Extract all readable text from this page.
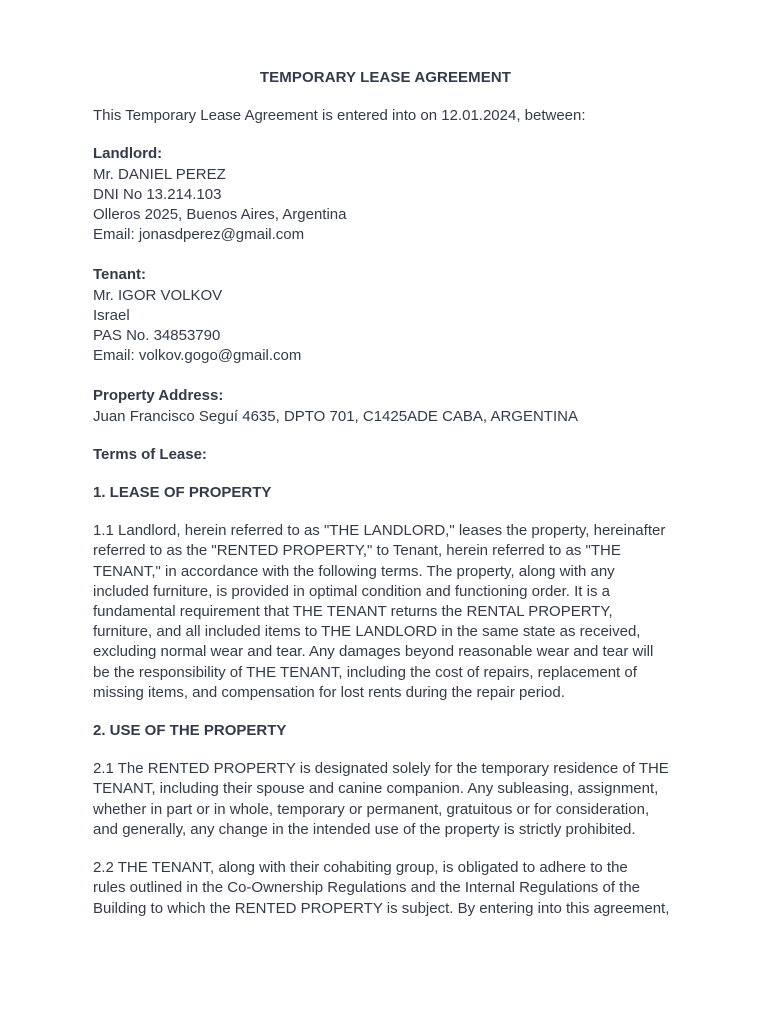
TEMPORARY LEASE AGREEMENT
This Temporary Lease Agreement is entered into on 12.01.2024, between:
Landlord:
Mr. DANIEL PEREZ
DNI No 13.214.103
Olleros 2025, Buenos Aires, Argentina
Email: jonasdperez@gmail.com
Tenant:
Mr. IGOR VOLKOV
Israel
PAS No. 34853790
Email: volkov.gogo@gmail.com
Property Address:
Juan Francisco Seguí 4635, DPTO 701, C1425ADE CABA, ARGENTINA
Terms of Lease:
1. LEASE OF PROPERTY
1.1 Landlord, herein referred to as "THE LANDLORD," leases the property, hereinafter
referred to as the "RENTED PROPERTY," to Tenant, herein referred to as "THE
TENANT," in accordance with the following terms. The property, along with any
included furniture, is provided in optimal condition and functioning order. It is a
fundamental requirement that THE TENANT returns the RENTAL PROPERTY,
furniture, and all included items to THE LANDLORD in the same state as received,
excluding normal wear and tear. Any damages beyond reasonable wear and tear will
be the responsibility of THE TENANT, including the cost of repairs, replacement of
missing items, and compensation for lost rents during the repair period.
2. USE OF THE PROPERTY
2.1 The RENTED PROPERTY is designated solely for the temporary residence of THE
TENANT, including their spouse and canine companion. Any subleasing, assignment,
whether in part or in whole, temporary or permanent, gratuitous or for consideration,
and generally, any change in the intended use of the property is strictly prohibited.
2.2 THE TENANT, along with their cohabiting group, is obligated to adhere to the
rules outlined in the Co-Ownership Regulations and the Internal Regulations of the
Building to which the RENTED PROPERTY is subject. By entering into this agreement,
